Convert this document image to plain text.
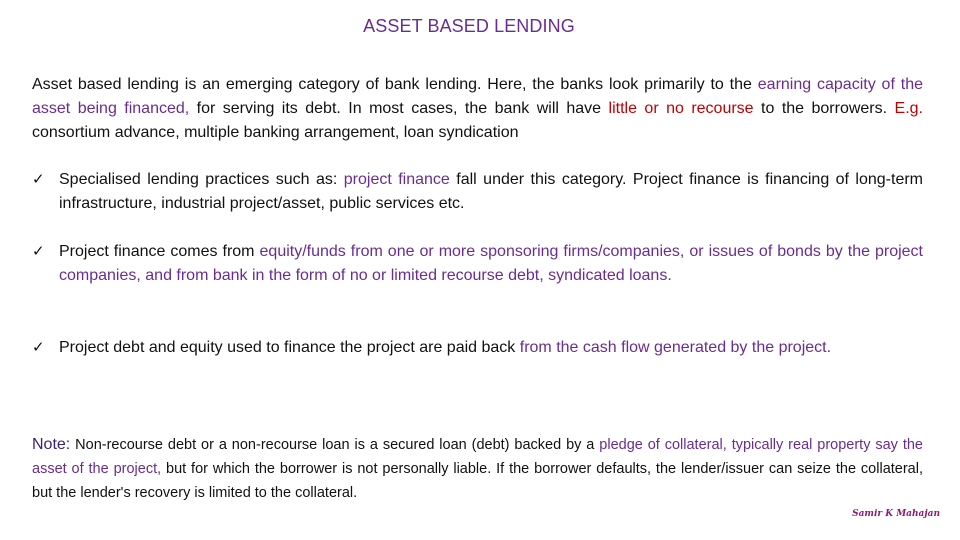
ASSET BASED LENDING
Asset based lending is an emerging category of bank lending. Here, the banks look primarily to the earning capacity of the asset being financed, for serving its debt. In most cases, the bank will have little or no recourse to the borrowers. E.g. consortium advance, multiple banking arrangement, loan syndication
✓ Specialised lending practices such as: project finance fall under this category. Project finance is financing of long-term infrastructure, industrial project/asset, public services etc.
✓ Project finance comes from equity/funds from one or more sponsoring firms/companies, or issues of bonds by the project companies, and from bank in the form of no or limited recourse debt, syndicated loans.
✓ Project debt and equity used to finance the project are paid back from the cash flow generated by the project.
Note: Non-recourse debt or a non-recourse loan is a secured loan (debt) backed by a pledge of collateral, typically real property say the asset of the project, but for which the borrower is not personally liable. If the borrower defaults, the lender/issuer can seize the collateral, but the lender's recovery is limited to the collateral.
Samir K Mahajan
